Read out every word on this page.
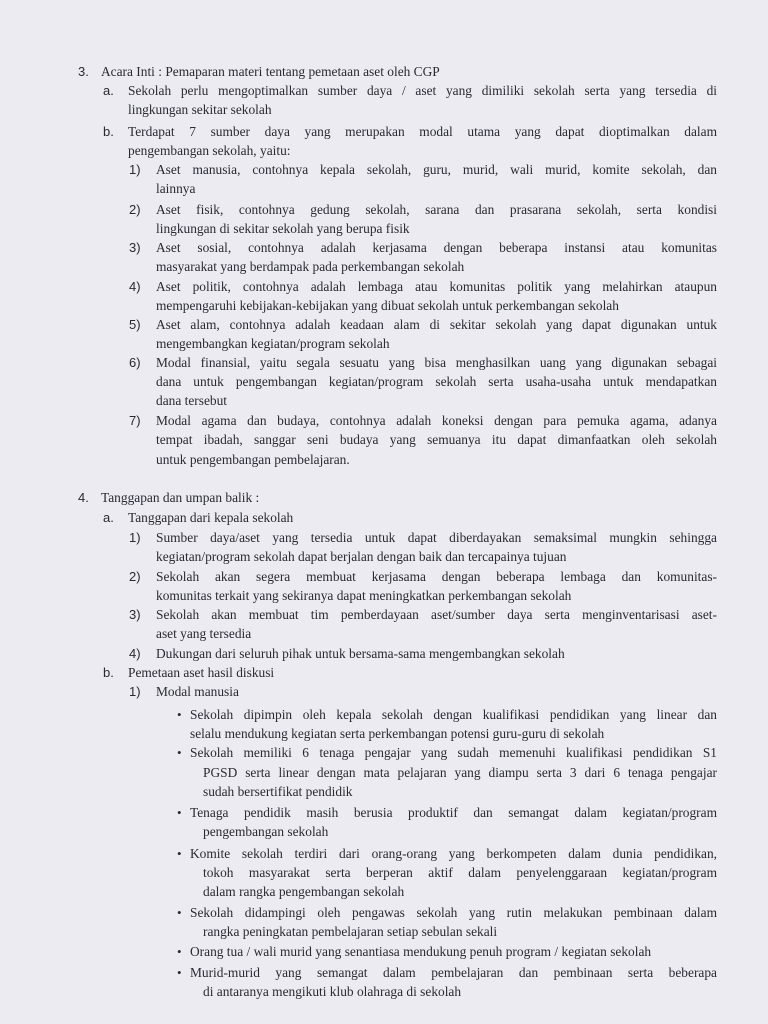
3. Acara Inti : Pemaparan materi tentang pemetaan aset oleh CGP
a. Sekolah perlu mengoptimalkan sumber daya / aset yang dimiliki sekolah serta yang tersedia di
lingkungan sekitar sekolah
b. Terdapat 7 sumber daya yang merupakan modal utama yang dapat dioptimalkan dalam
pengembangan sekolah, yaitu:
1) Aset manusia, contohnya kepala sekolah, guru, murid, wali murid, komite sekolah, dan
lainnya
2) Aset fisik, contohnya gedung sekolah, sarana dan prasarana sekolah, serta kondisi
lingkungan di sekitar sekolah yang berupa fisik
3) Aset sosial, contohnya adalah kerjasama dengan beberapa instansi atau komunitas
masyarakat yang berdampak pada perkembangan sekolah
4) Aset politik, contohnya adalah lembaga atau komunitas politik yang melahirkan ataupun
mempengaruhi kebijakan-kebijakan yang dibuat sekolah untuk perkembangan sekolah
5) Aset alam, contohnya adalah keadaan alam di sekitar sekolah yang dapat digunakan untuk
mengembangkan kegiatan/program sekolah
6) Modal finansial, yaitu segala sesuatu yang bisa menghasilkan uang yang digunakan sebagai
dana untuk pengembangan kegiatan/program sekolah serta usaha-usaha untuk mendapatkan
dana tersebut
7) Modal agama dan budaya, contohnya adalah koneksi dengan para pemuka agama, adanya
tempat ibadah, sanggar seni budaya yang semuanya itu dapat dimanfaatkan oleh sekolah
untuk pengembangan pembelajaran.
4. Tanggapan dan umpan balik :
a. Tanggapan dari kepala sekolah
1) Sumber daya/aset yang tersedia untuk dapat diberdayakan semaksimal mungkin sehingga
kegiatan/program sekolah dapat berjalan dengan baik dan tercapainya tujuan
2) Sekolah akan segera membuat kerjasama dengan beberapa lembaga dan komunitas-
komunitas terkait yang sekiranya dapat meningkatkan perkembangan sekolah
3) Sekolah akan membuat tim pemberdayaan aset/sumber daya serta menginventarisasi aset-
aset yang tersedia
4) Dukungan dari seluruh pihak untuk bersama-sama mengembangkan sekolah
b. Pemetaan aset hasil diskusi
1) Modal manusia
• Sekolah dipimpin oleh kepala sekolah dengan kualifikasi pendidikan yang linear dan
selalu mendukung kegiatan serta perkembangan potensi guru-guru di sekolah
• Sekolah memiliki 6 tenaga pengajar yang sudah memenuhi kualifikasi pendidikan S1
PGSD serta linear dengan mata pelajaran yang diampu serta 3 dari 6 tenaga pengajar
sudah bersertifikat pendidik
• Tenaga pendidik masih berusia produktif dan semangat dalam kegiatan/program
pengembangan sekolah
• Komite sekolah terdiri dari orang-orang yang berkompeten dalam dunia pendidikan,
tokoh masyarakat serta berperan aktif dalam penyelenggaraan kegiatan/program
dalam rangka pengembangan sekolah
• Sekolah didampingi oleh pengawas sekolah yang rutin melakukan pembinaan dalam
rangka peningkatan pembelajaran setiap sebulan sekali
• Orang tua / wali murid yang senantiasa mendukung penuh program / kegiatan sekolah
• Murid-murid yang semangat dalam pembelajaran dan pembinaan serta beberapa
di antaranya mengikuti klub olahraga di sekolah
